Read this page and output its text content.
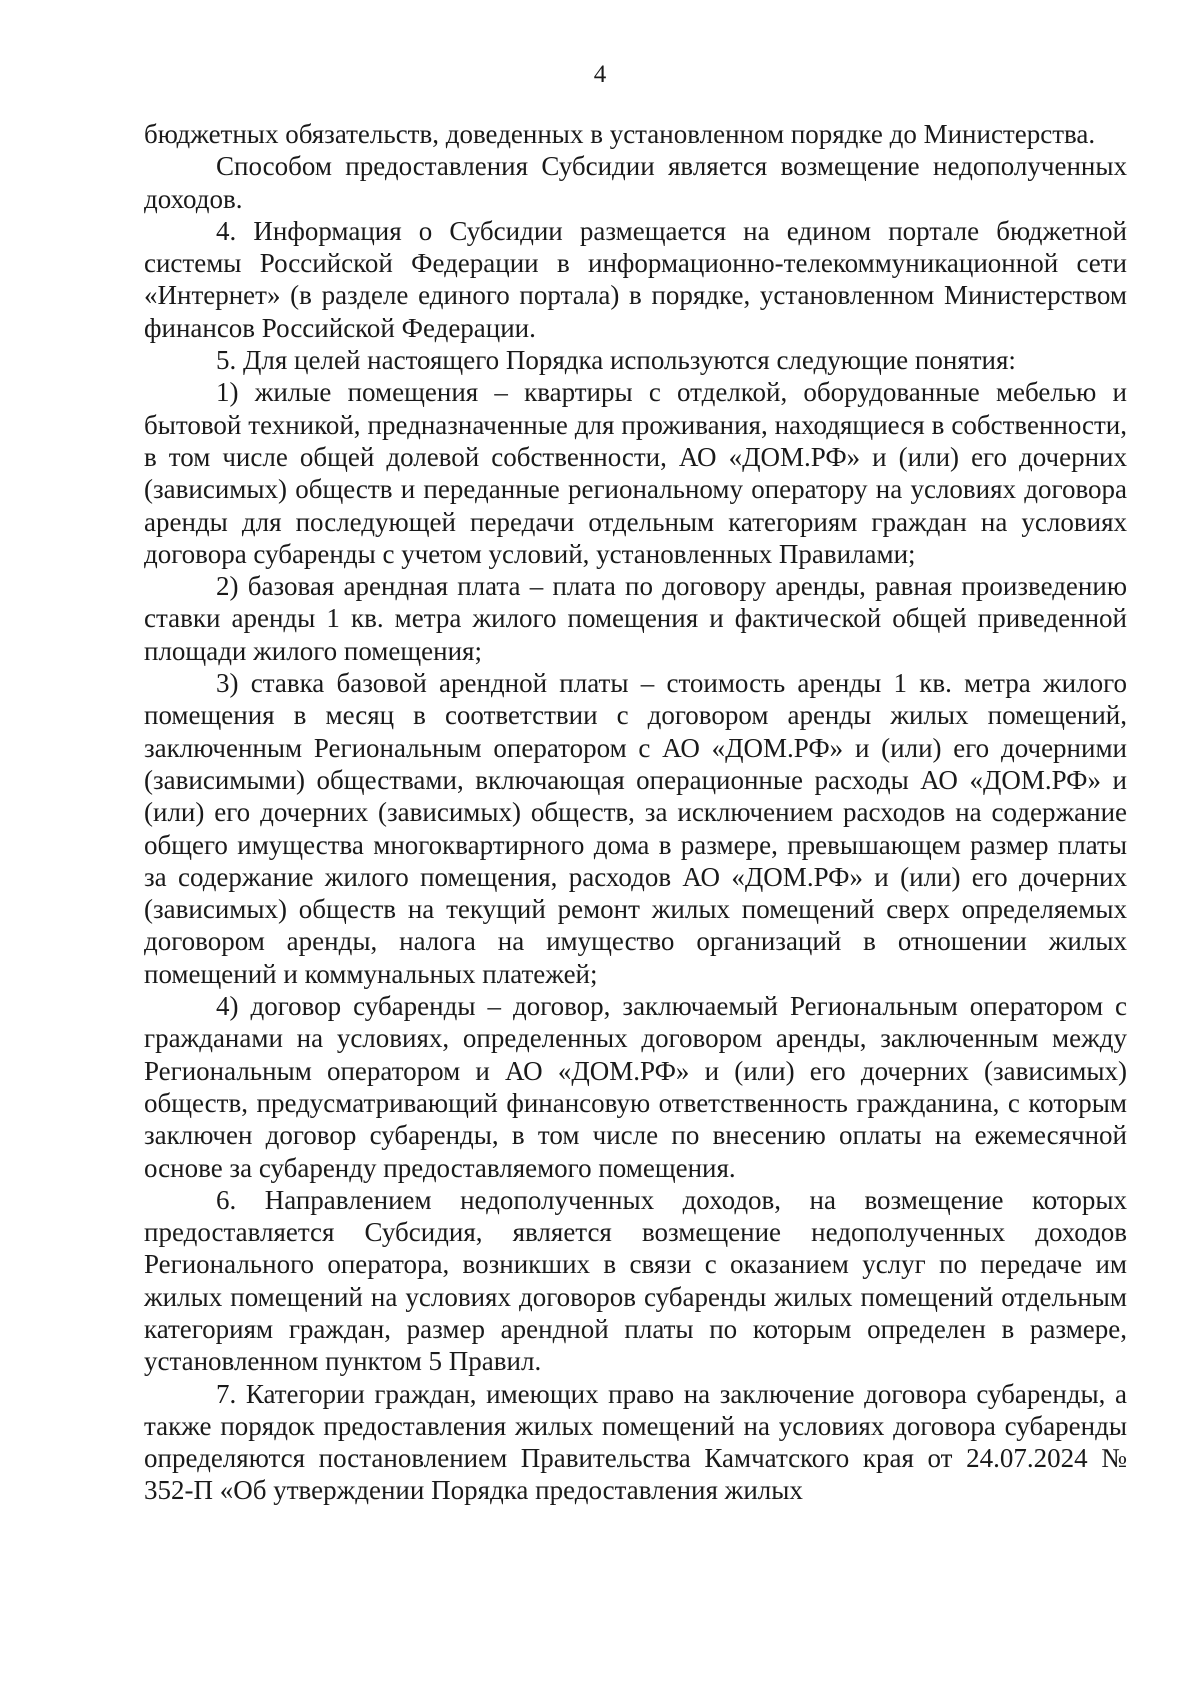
4

бюджетных обязательств, доведенных в установленном порядке до Министерства.

Способом предоставления Субсидии является возмещение недополученных доходов.

4. Информация о Субсидии размещается на едином портале бюджетной системы Российской Федерации в информационно-телекоммуникационной сети «Интернет» (в разделе единого портала) в порядке, установленном Министерством финансов Российской Федерации.

5. Для целей настоящего Порядка используются следующие понятия:

1) жилые помещения – квартиры с отделкой, оборудованные мебелью и бытовой техникой, предназначенные для проживания, находящиеся в собственности, в том числе общей долевой собственности, АО «ДОМ.РФ» и (или) его дочерних (зависимых) обществ и переданные региональному оператору на условиях договора аренды для последующей передачи отдельным категориям граждан на условиях договора субаренды с учетом условий, установленных Правилами;

2) базовая арендная плата – плата по договору аренды, равная произведению ставки аренды 1 кв. метра жилого помещения и фактической общей приведенной площади жилого помещения;

3) ставка базовой арендной платы – стоимость аренды 1 кв. метра жилого помещения в месяц в соответствии с договором аренды жилых помещений, заключенным Региональным оператором с АО «ДОМ.РФ» и (или) его дочерними (зависимыми) обществами, включающая операционные расходы АО «ДОМ.РФ» и (или) его дочерних (зависимых) обществ, за исключением расходов на содержание общего имущества многоквартирного дома в размере, превышающем размер платы за содержание жилого помещения, расходов АО «ДОМ.РФ» и (или) его дочерних (зависимых) обществ на текущий ремонт жилых помещений сверх определяемых договором аренды, налога на имущество организаций в отношении жилых помещений и коммунальных платежей;

4) договор субаренды – договор, заключаемый Региональным оператором с гражданами на условиях, определенных договором аренды, заключенным между Региональным оператором и АО «ДОМ.РФ» и (или) его дочерних (зависимых) обществ, предусматривающий финансовую ответственность гражданина, с которым заключен договор субаренды, в том числе по внесению оплаты на ежемесячной основе за субаренду предоставляемого помещения.

6. Направлением недополученных доходов, на возмещение которых предоставляется Субсидия, является возмещение недополученных доходов Регионального оператора, возникших в связи с оказанием услуг по передаче им жилых помещений на условиях договоров субаренды жилых помещений отдельным категориям граждан, размер арендной платы по которым определен в размере, установленном пунктом 5 Правил.

7. Категории граждан, имеющих право на заключение договора субаренды, а также порядок предоставления жилых помещений на условиях договора субаренды определяются постановлением Правительства Камчатского края от 24.07.2024 № 352-П «Об утверждении Порядка предоставления жилых
